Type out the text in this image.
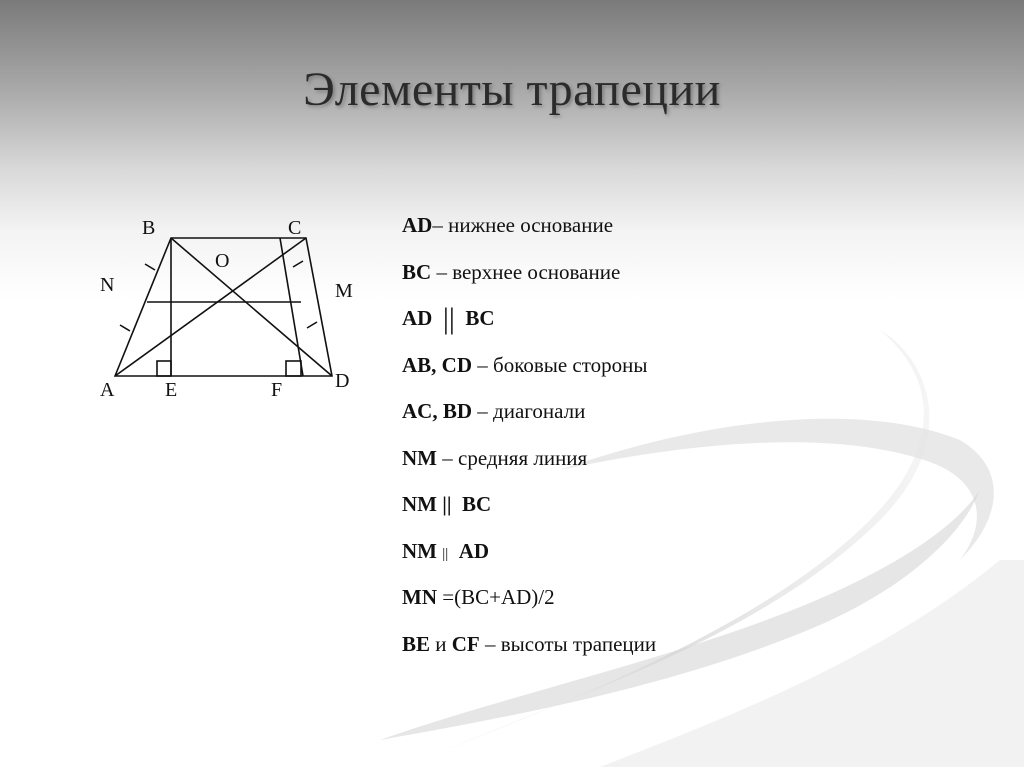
Элементы трапеции
B	C
O
N	M
A	E	F	D
AD– нижнее основание
BC – верхнее основание
AD || BC
AB, CD – боковые стороны
AC, BD – диагонали
NM – средняя линия
NM || BC
NM || AD
MN =(BC+AD)/2
BE и CF – высоты трапеции
